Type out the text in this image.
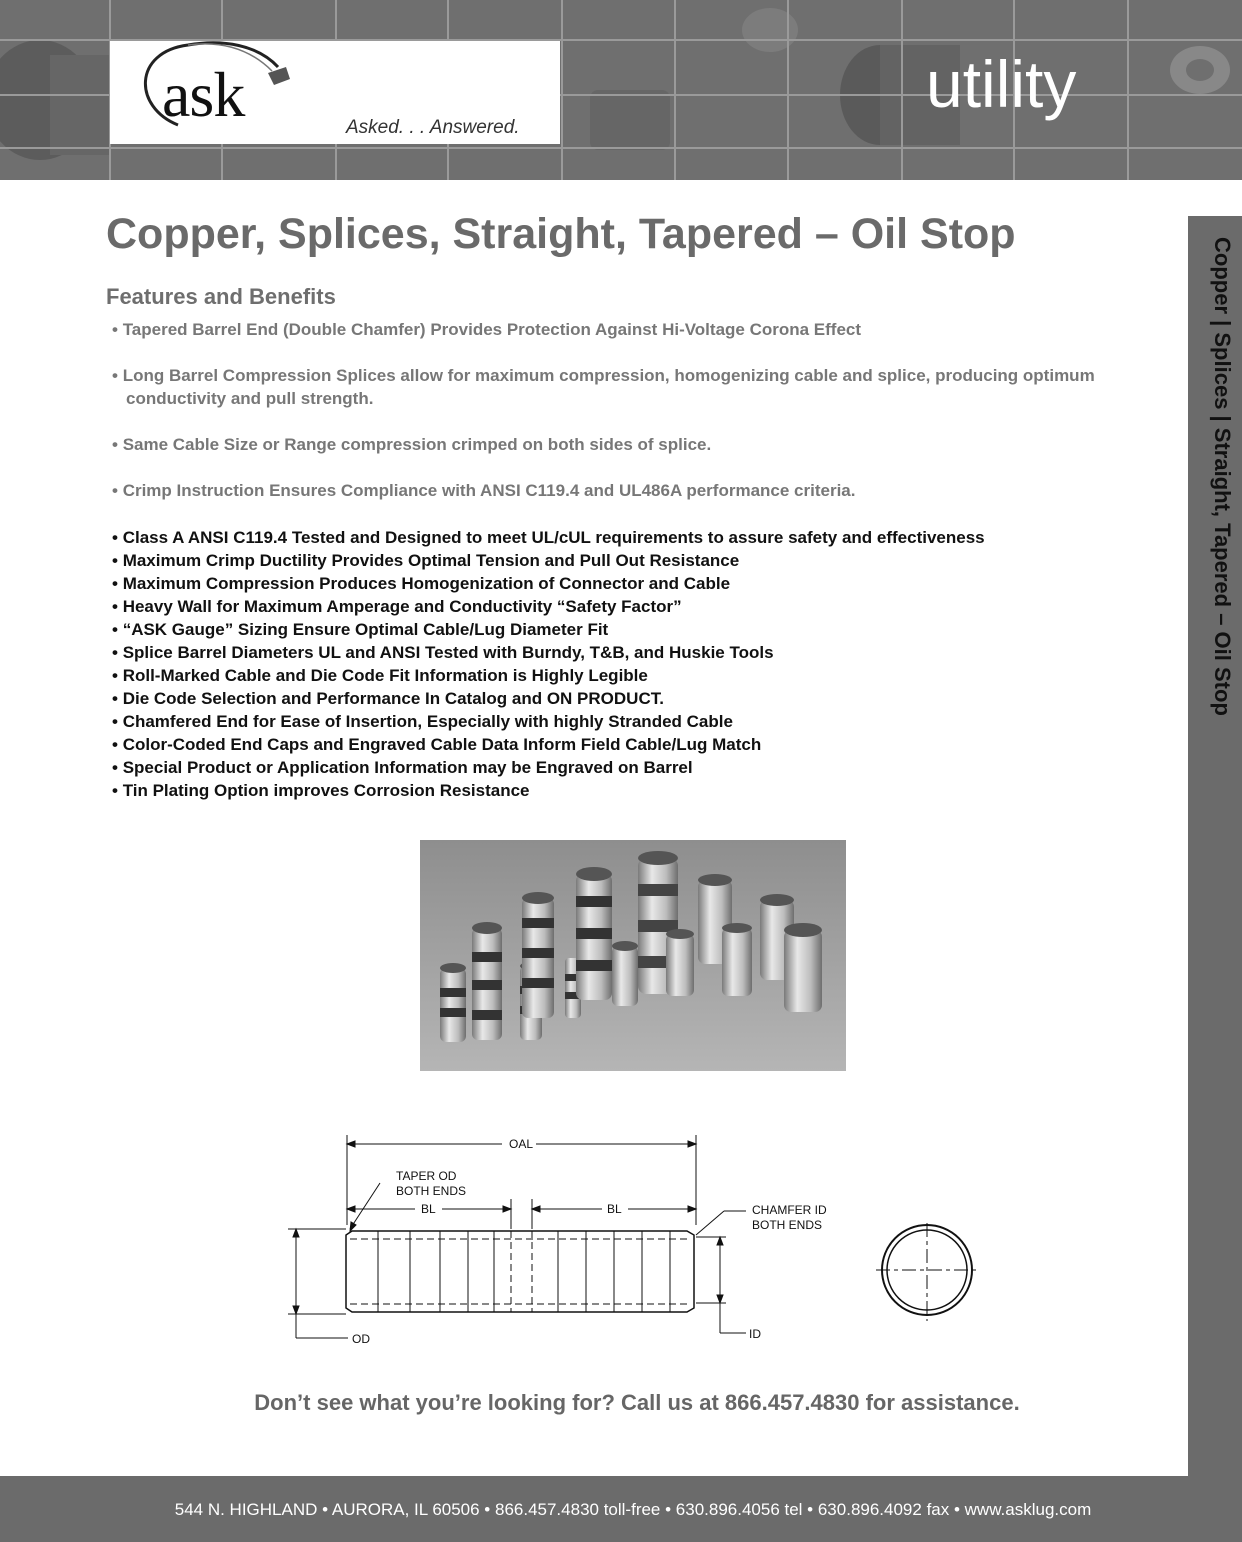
ask	Asked. . . Answered.
utility
Copper | Splices | Straight, Tapered – Oil Stop
Copper, Splices, Straight, Tapered – Oil Stop
Features and Benefits
• Tapered Barrel End (Double Chamfer) Provides Protection Against Hi-Voltage Corona Effect
• Long Barrel Compression Splices allow for maximum compression, homogenizing cable and splice, producing optimum conductivity and pull strength.
• Same Cable Size or Range compression crimped on both sides of splice.
• Crimp Instruction Ensures Compliance with ANSI C119.4 and UL486A performance criteria.
• Class A ANSI C119.4 Tested and Designed to meet UL/cUL requirements to assure safety and effectiveness
• Maximum Crimp Ductility Provides Optimal Tension and Pull Out Resistance
• Maximum Compression Produces Homogenization of Connector and Cable
• Heavy Wall for Maximum Amperage and Conductivity “Safety Factor”
• “ASK Gauge” Sizing Ensure Optimal Cable/Lug Diameter Fit
• Splice Barrel Diameters UL and ANSI Tested with Burndy, T&B, and Huskie Tools
• Roll-Marked Cable and Die Code Fit Information is Highly Legible
• Die Code Selection and Performance In Catalog and ON PRODUCT.
• Chamfered End for Ease of Insertion, Especially with highly Stranded Cable
• Color-Coded End Caps and Engraved Cable Data Inform Field Cable/Lug Match
• Special Product or Application Information may be Engraved on Barrel
• Tin Plating Option improves Corrosion Resistance
OAL
TAPER OD
BOTH ENDS
BL	BL	CHAMFER ID
BOTH ENDS
OD	ID
Don’t see what you’re looking for? Call us at 866.457.4830 for assistance.
544 N. HIGHLAND • AURORA, IL 60506 • 866.457.4830 toll-free • 630.896.4056 tel • 630.896.4092 fax • www.asklug.com
